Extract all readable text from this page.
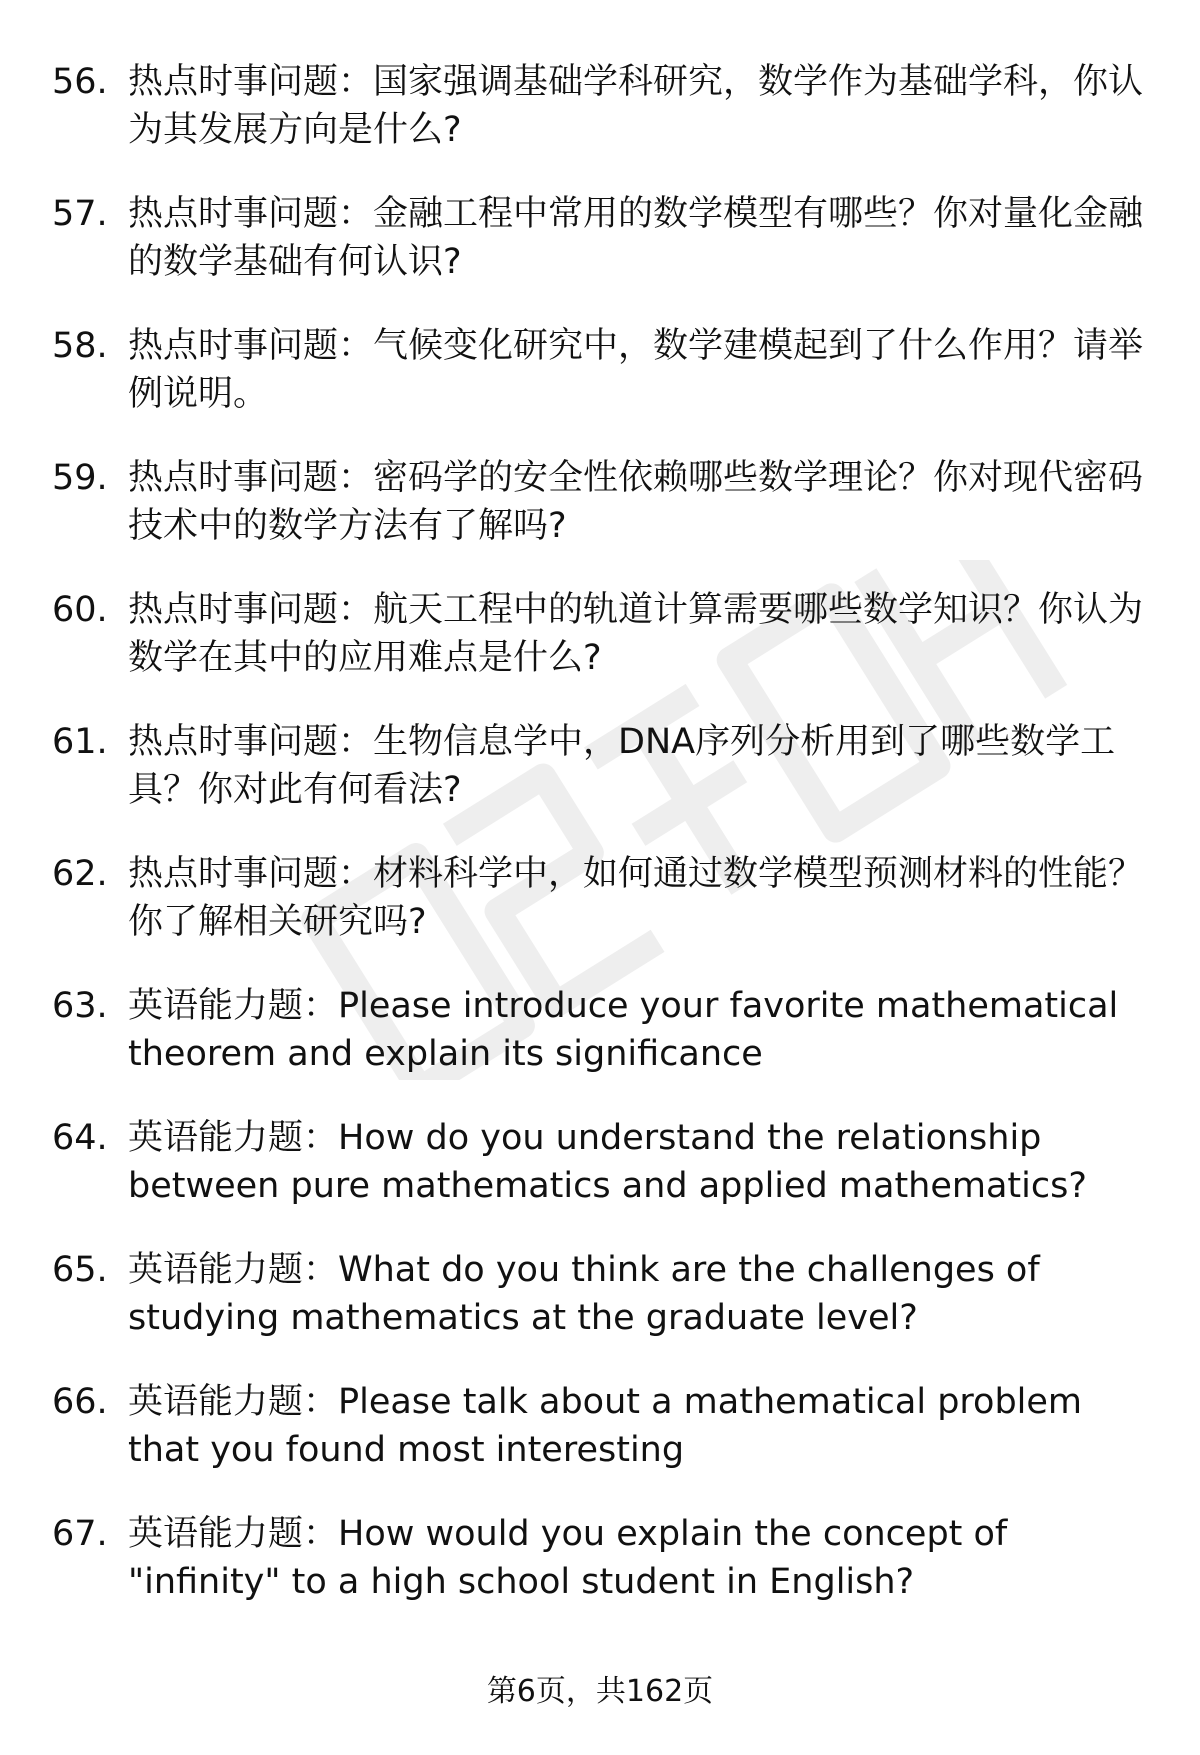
56. 热点时事问题：国家强调基础学科研究，数学作为基础学科，你认为其发展方向是什么?
57. 热点时事问题：金融工程中常用的数学模型有哪些？你对量化金融的数学基础有何认识?
58. 热点时事问题：气候变化研究中，数学建模起到了什么作用？请举例说明。
59. 热点时事问题：密码学的安全性依赖哪些数学理论？你对现代密码技术中的数学方法有了解吗?
60. 热点时事问题：航天工程中的轨道计算需要哪些数学知识？你认为数学在其中的应用难点是什么?
61. 热点时事问题：生物信息学中，DNA序列分析用到了哪些数学工具？你对此有何看法?
62. 热点时事问题：材料科学中，如何通过数学模型预测材料的性能？你了解相关研究吗?
63. 英语能力题：Please introduce your favorite mathematical theorem and explain its significance
64. 英语能力题：How do you understand the relationship between pure mathematics and applied mathematics?
65. 英语能力题：What do you think are the challenges of studying mathematics at the graduate level?
66. 英语能力题：Please talk about a mathematical problem that you found most interesting
67. 英语能力题：How would you explain the concept of "infinity" to a high school student in English?
第6页，共162页
